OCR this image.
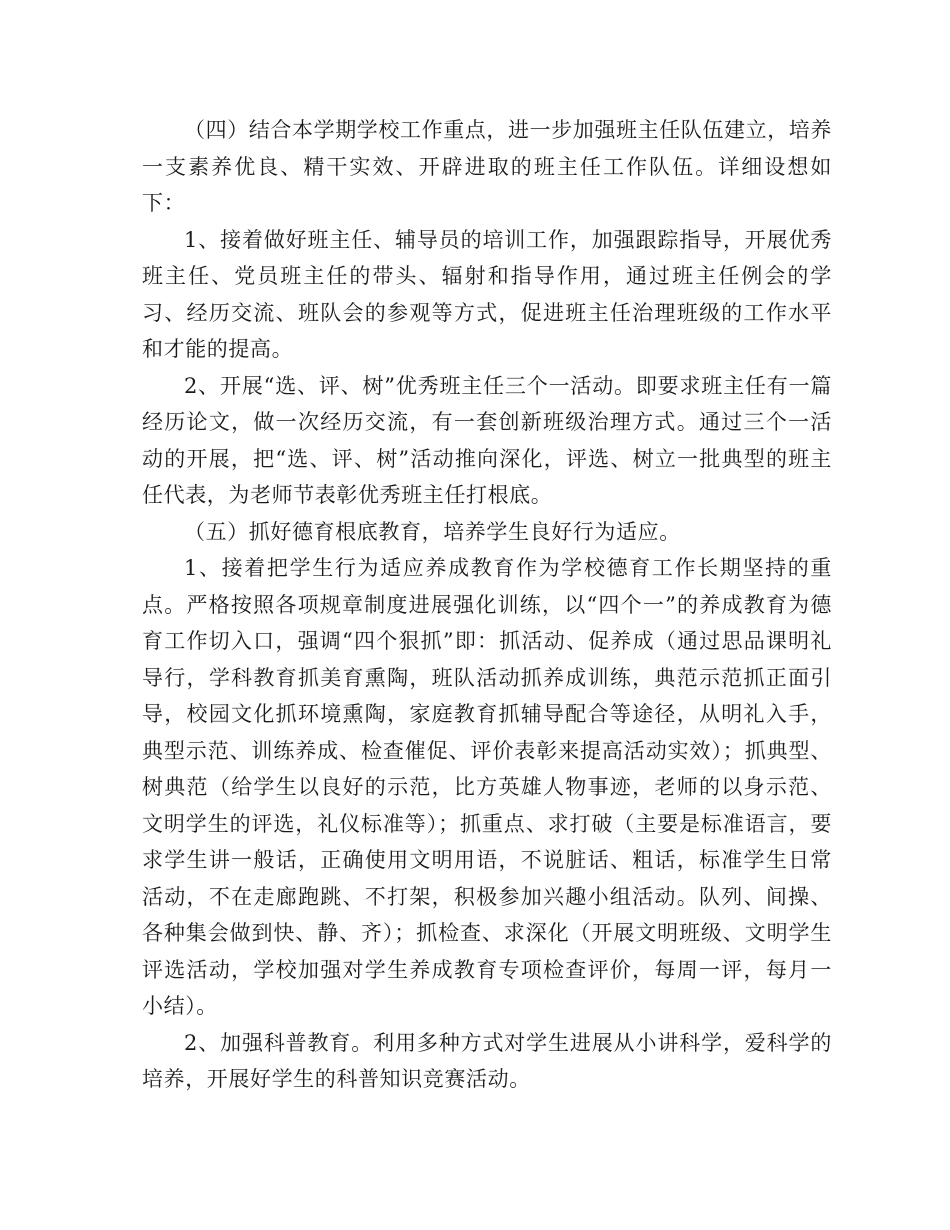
（四）结合本学期学校工作重点，进一步加强班主任队伍建立，培养一支素养优良、精干实效、开辟进取的班主任工作队伍。详细设想如下：

1、接着做好班主任、辅导员的培训工作，加强跟踪指导，开展优秀班主任、党员班主任的带头、辐射和指导作用，通过班主任例会的学习、经历交流、班队会的参观等方式，促进班主任治理班级的工作水平和才能的提高。

2、开展“选、评、树”优秀班主任三个一活动。即要求班主任有一篇经历论文，做一次经历交流，有一套创新班级治理方式。通过三个一活动的开展，把“选、评、树”活动推向深化，评选、树立一批典型的班主任代表，为老师节表彰优秀班主任打根底。

（五）抓好德育根底教育，培养学生良好行为适应。

1、接着把学生行为适应养成教育作为学校德育工作长期坚持的重点。严格按照各项规章制度进展强化训练，以“四个一”的养成教育为德育工作切入口，强调“四个狠抓”即：抓活动、促养成（通过思品课明礼导行，学科教育抓美育熏陶，班队活动抓养成训练，典范示范抓正面引导，校园文化抓环境熏陶，家庭教育抓辅导配合等途径，从明礼入手，典型示范、训练养成、检查催促、评价表彰来提高活动实效）；抓典型、树典范（给学生以良好的示范，比方英雄人物事迹，老师的以身示范、文明学生的评选，礼仪标准等）；抓重点、求打破（主要是标准语言，要求学生讲一般话，正确使用文明用语，不说脏话、粗话，标准学生日常活动，不在走廊跑跳、不打架，积极参加兴趣小组活动。队列、间操、各种集会做到快、静、齐）；抓检查、求深化（开展文明班级、文明学生评选活动，学校加强对学生养成教育专项检查评价，每周一评，每月一小结）。

2、加强科普教育。利用多种方式对学生进展从小讲科学，爱科学的培养，开展好学生的科普知识竞赛活动。
